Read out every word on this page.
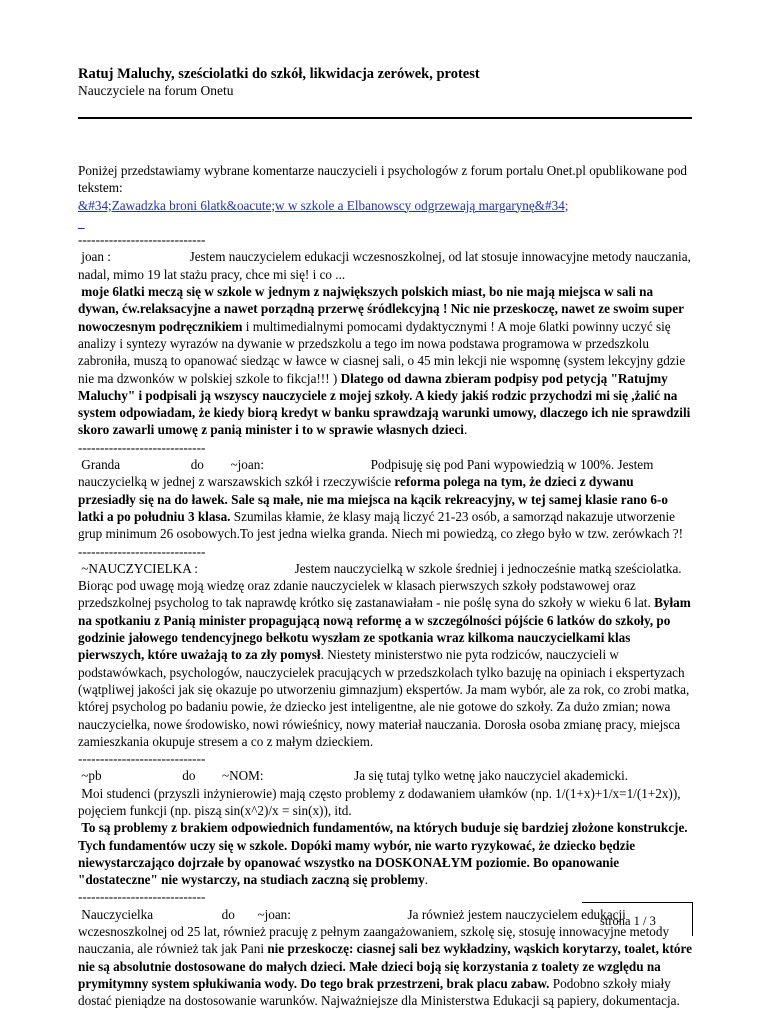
Ratuj Maluchy, sześciolatki do szkół, likwidacja zerówek, protest
Nauczyciele na forum Onetu

Poniżej przedstawiamy wybrane komentarze nauczycieli i psychologów z forum portalu Onet.pl opublikowane pod tekstem:

&#34;Zawadzka broni 6latk&oacute;w w szkole a Elbanowscy odgrzewają margarynę&#34;
_
-----------------------------

joan :	Jestem nauczycielem edukacji wczesnoszkolnej, od lat stosuje innowacyjne metody nauczania, nadal, mimo 19 lat stażu pracy, chce mi się! i co ...
moje 6latki meczą się w szkole w jednym z największych polskich miast, bo nie mają miejsca w sali na dywan, ćw.relaksacyjne a nawet porządną przerwę śródlekcyjną ! Nic nie przeskoczę, nawet ze swoim super nowoczesnym podręcznikiem i multimedialnymi pomocami dydaktycznymi ! A moje 6latki powinny uczyć się analizy i syntezy wyrazów na dywanie w przedszkolu a tego im nowa podstawa programowa w przedszkolu zabroniła, muszą to opanować siedząc w ławce w ciasnej sali, o 45 min lekcji nie wspomnę (system lekcyjny gdzie nie ma dzwonków w polskiej szkole to fikcja!!! ) Dlatego od dawna zbieram podpisy pod petycją "Ratujmy Maluchy" i podpisali ją wszyscy nauczyciele z mojej szkoły. A kiedy jakiś rodzic przychodzi mi się ,żalić na system odpowiadam, że kiedy biorą kredyt w banku sprawdzają warunki umowy, dlaczego ich nie sprawdzili skoro zawarli umowę z panią minister i to w sprawie własnych dzieci.

-----------------------------

Granda	do ~joan:	Podpisuję się pod Pani wypowiedzią w 100%. Jestem nauczycielką w jednej z warszawskich szkół i rzeczywiście reforma polega na tym, że dzieci z dywanu przesiadły się na do ławek. Sale są małe, nie ma miejsca na kącik rekreacyjny, w tej samej klasie rano 6-o latki a po południu 3 klasa. Szumilas kłamie, że klasy mają liczyć 21-23 osób, a samorząd nakazuje utworzenie grup minimum 26 osobowych.To jest jedna wielka granda. Niech mi powiedzą, co złego było w tzw. zerówkach ?!

-----------------------------

~NAUCZYCIELKA :	Jestem nauczycielką w szkole średniej i jednocześnie matką sześciolatka. Biorąc pod uwagę moją wiedzę oraz zdanie nauczycielek w klasach pierwszych szkoły podstawowej oraz przedszkolnej psycholog to tak naprawdę krótko się zastanawiałam - nie poślę syna do szkoły w wieku 6 lat. Byłam na spotkaniu z Panią minister propagującą nową reformę a w szczególności pójście 6 latków do szkoły, po godzinie jałowego tendencyjnego bełkotu wyszłam ze spotkania wraz kilkoma nauczycielkami klas pierwszych, które uważają to za zły pomysł. Niestety ministerstwo nie pyta rodziców, nauczycieli w podstawówkach, psychologów, nauczycielek pracujących w przedszkolach tylko bazuję na opiniach i ekspertyzach (wątpliwej jakości jak się okazuje po utworzeniu gimnazjum) ekspertów. Ja mam wybór, ale za rok, co zrobi matka, której psycholog po badaniu powie, że dziecko jest inteligentne, ale nie gotowe do szkoły. Za dużo zmian; nowa nauczycielka, nowe środowisko, nowi rówieśnicy, nowy materiał nauczania. Dorosła osoba zmianę pracy, miejsca zamieszkania okupuje stresem a co z małym dzieckiem.

-----------------------------

~pb	do ~NOM:	Ja się tutaj tylko wetnę jako nauczyciel akademicki.
Moi studenci (przyszli inżynierowie) mają często problemy z dodawaniem ułamków (np. 1/(1+x)+1/x=1/(1+2x)), pojęciem funkcji (np. piszą sin(x^2)/x = sin(x)), itd.
To są problemy z brakiem odpowiednich fundamentów, na których buduje się bardziej złożone konstrukcje. Tych fundamentów uczy się w szkole. Dopóki mamy wybór, nie warto ryzykować, że dziecko będzie niewystarczająco dojrzałe by opanować wszystko na DOSKONAŁYM poziomie. Bo opanowanie "dostateczne" nie wystarczy, na studiach zaczną się problemy.

-----------------------------

Nauczycielka	do ~joan:	Ja również jestem nauczycielem edukacji wczesnoszkolnej od 25 lat, również pracuję z pełnym zaangażowaniem, szkolę się, stosuję innowacyjne metody nauczania, ale również tak jak Pani nie przeskoczę: ciasnej sali bez wykładziny, wąskich korytarzy, toalet, które nie są absolutnie dostosowane do małych dzieci. Małe dzieci boją się korzystania z toalety ze względu na prymitymny system spłukiwania wody. Do tego brak przestrzeni, brak placu zabaw. Podobno szkoły miały dostać pieniądze na dostosowanie warunków. Najważniejsze dla Ministerstwa Edukacji są papiery, dokumentacja.

strona 1 / 3
